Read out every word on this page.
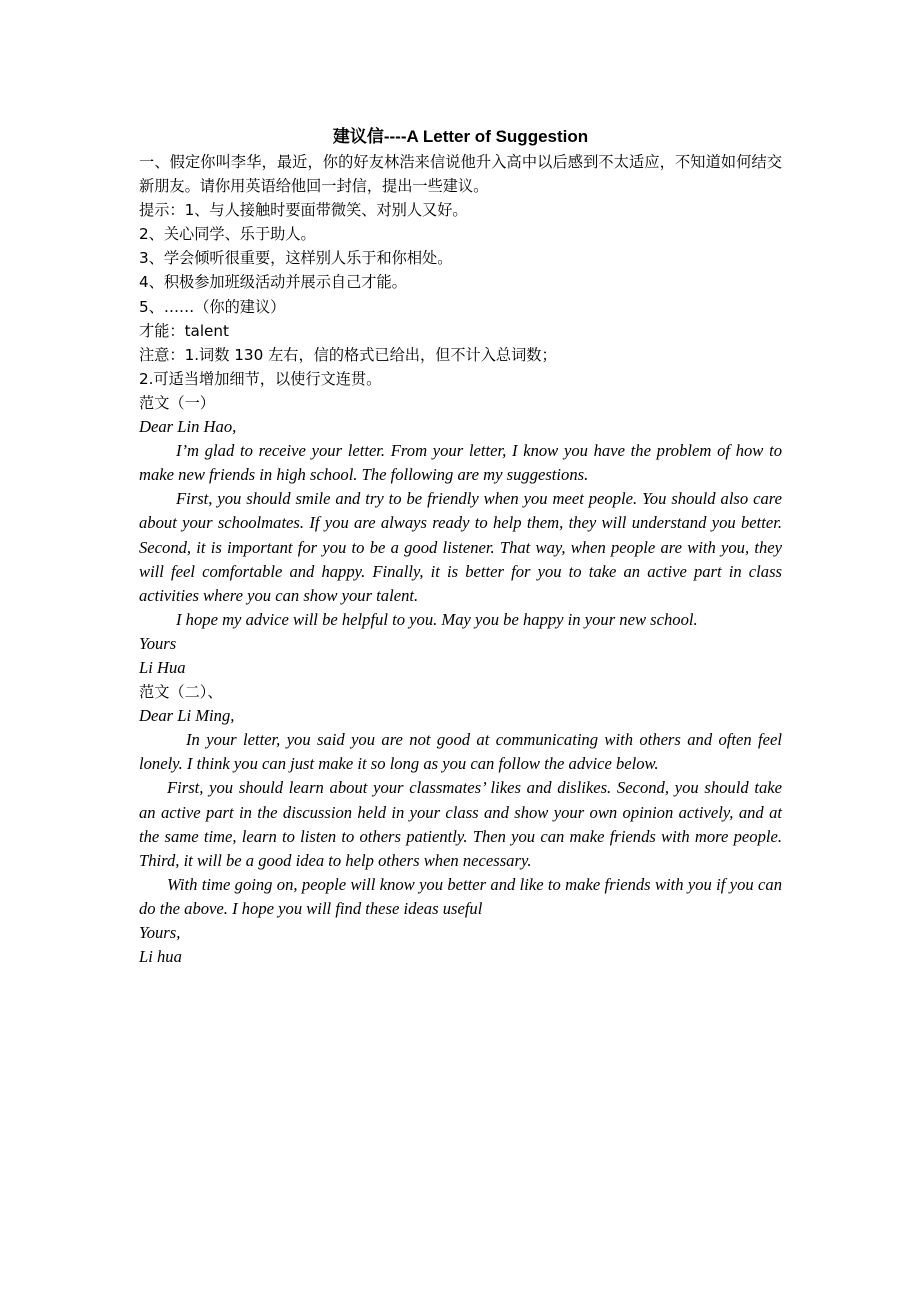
建议信----A Letter of Suggestion
一、假定你叫李华，最近，你的好友林浩来信说他升入高中以后感到不太适应，不知道如何结交新朋友。请你用英语给他回一封信，提出一些建议。
提示：1、与人接触时要面带微笑、对别人又好。
2、关心同学、乐于助人。
3、学会倾听很重要，这样别人乐于和你相处。
4、积极参加班级活动并展示自己才能。
5、……（你的建议）
才能：talent
注意：1.词数 130 左右，信的格式已给出，但不计入总词数；
2.可适当增加细节，以使行文连贯。
范文（一）
Dear Lin Hao,
I’m glad to receive your letter. From your letter, I know you have the problem of how to make new friends in high school. The following are my suggestions.
First, you should smile and try to be friendly when you meet people. You should also care about your schoolmates. If you are always ready to help them, they will understand you better. Second, it is important for you to be a good listener. That way, when people are with you, they will feel comfortable and happy. Finally, it is better for you to take an active part in class activities where you can show your talent.
I hope my advice will be helpful to you. May you be happy in your new school.
Yours
Li Hua
范文（二）、
Dear Li Ming,
In your letter, you said you are not good at communicating with others and often feel lonely. I think you can just make it so long as you can follow the advice below.
First, you should learn about your classmates’ likes and dislikes. Second, you should take an active part in the discussion held in your class and show your own opinion actively, and at the same time, learn to listen to others patiently. Then you can make friends with more people. Third, it will be a good idea to help others when necessary.
With time going on, people will know you better and like to make friends with you if you can do the above. I hope you will find these ideas useful
Yours,
Li hua
